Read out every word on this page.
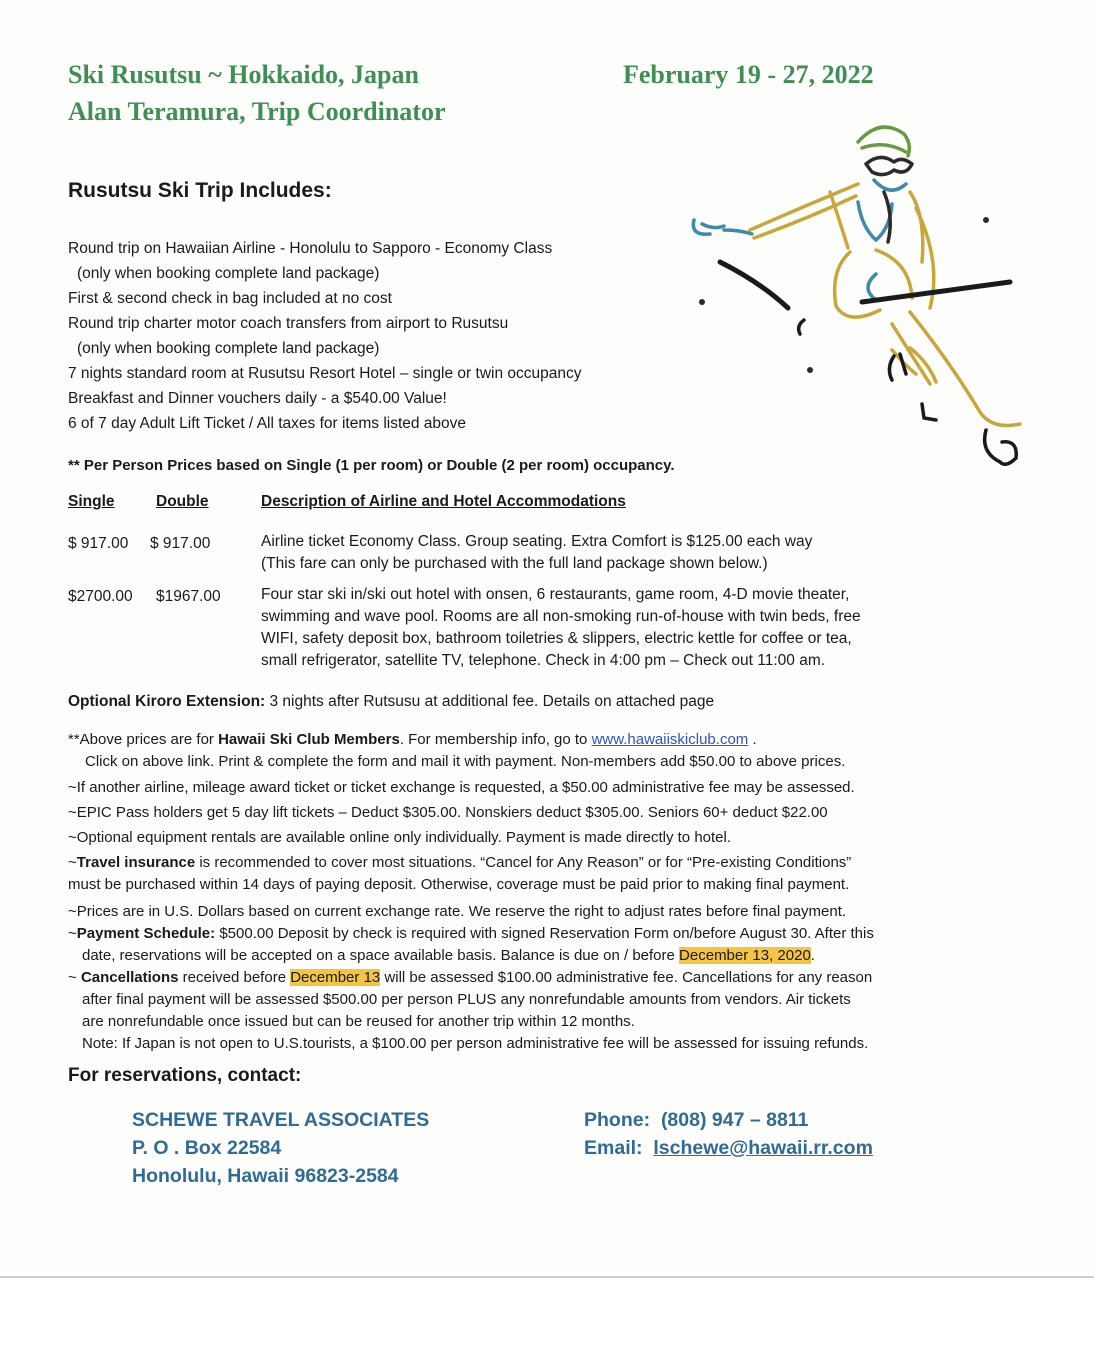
Ski Rusutsu ~ Hokkaido, Japan	February 19 - 27, 2022
Alan Teramura, Trip Coordinator
Rusutsu Ski Trip Includes:
Round trip on Hawaiian Airline - Honolulu to Sapporo - Economy Class
(only when booking complete land package)
First & second check in bag included at no cost
Round trip charter motor coach transfers from airport to Rusutsu
(only when booking complete land package)
7 nights standard room at Rusutsu Resort Hotel – single or twin occupancy
Breakfast and Dinner vouchers daily - a $540.00 Value!
6 of 7 day Adult Lift Ticket / All taxes for items listed above
** Per Person Prices based on Single (1 per room) or Double (2 per room) occupancy.
Single	Double	Description of Airline and Hotel Accommodations
$ 917.00 $ 917.00	Airline ticket Economy Class. Group seating. Extra Comfort is $125.00 each way
(This fare can only be purchased with the full land package shown below.)
$2700.00 $1967.00	Four star ski in/ski out hotel with onsen, 6 restaurants, game room, 4-D movie theater,
swimming and wave pool. Rooms are all non-smoking run-of-house with twin beds, free
WIFI, safety deposit box, bathroom toiletries & slippers, electric kettle for coffee or tea,
small refrigerator, satellite TV, telephone. Check in 4:00 pm – Check out 11:00 am.
Optional Kiroro Extension: 3 nights after Rutsusu at additional fee. Details on attached page
**Above prices are for Hawaii Ski Club Members. For membership info, go to www.hawaiiskiclub.com .
Click on above link. Print & complete the form and mail it with payment. Non-members add $50.00 to above prices.
~If another airline, mileage award ticket or ticket exchange is requested, a $50.00 administrative fee may be assessed.
~EPIC Pass holders get 5 day lift tickets – Deduct $305.00. Nonskiers deduct $305.00. Seniors 60+ deduct $22.00
~Optional equipment rentals are available online only individually. Payment is made directly to hotel.
~Travel insurance is recommended to cover most situations. “Cancel for Any Reason” or for “Pre-existing Conditions”
must be purchased within 14 days of paying deposit. Otherwise, coverage must be paid prior to making final payment.
~Prices are in U.S. Dollars based on current exchange rate. We reserve the right to adjust rates before final payment.
~Payment Schedule: $500.00 Deposit by check is required with signed Reservation Form on/before August 30. After this
date, reservations will be accepted on a space available basis. Balance is due on / before December 13, 2020.
~ Cancellations received before December 13 will be assessed $100.00 administrative fee. Cancellations for any reason
after final payment will be assessed $500.00 per person PLUS any nonrefundable amounts from vendors. Air tickets
are nonrefundable once issued but can be reused for another trip within 12 months.
Note: If Japan is not open to U.S.tourists, a $100.00 per person administrative fee will be assessed for issuing refunds.
For reservations, contact:
SCHEWE TRAVEL ASSOCIATES
P. O . Box 22584
Honolulu, Hawaii 96823-2584
Phone: (808) 947 – 8811
Email: lschewe@hawaii.rr.com
